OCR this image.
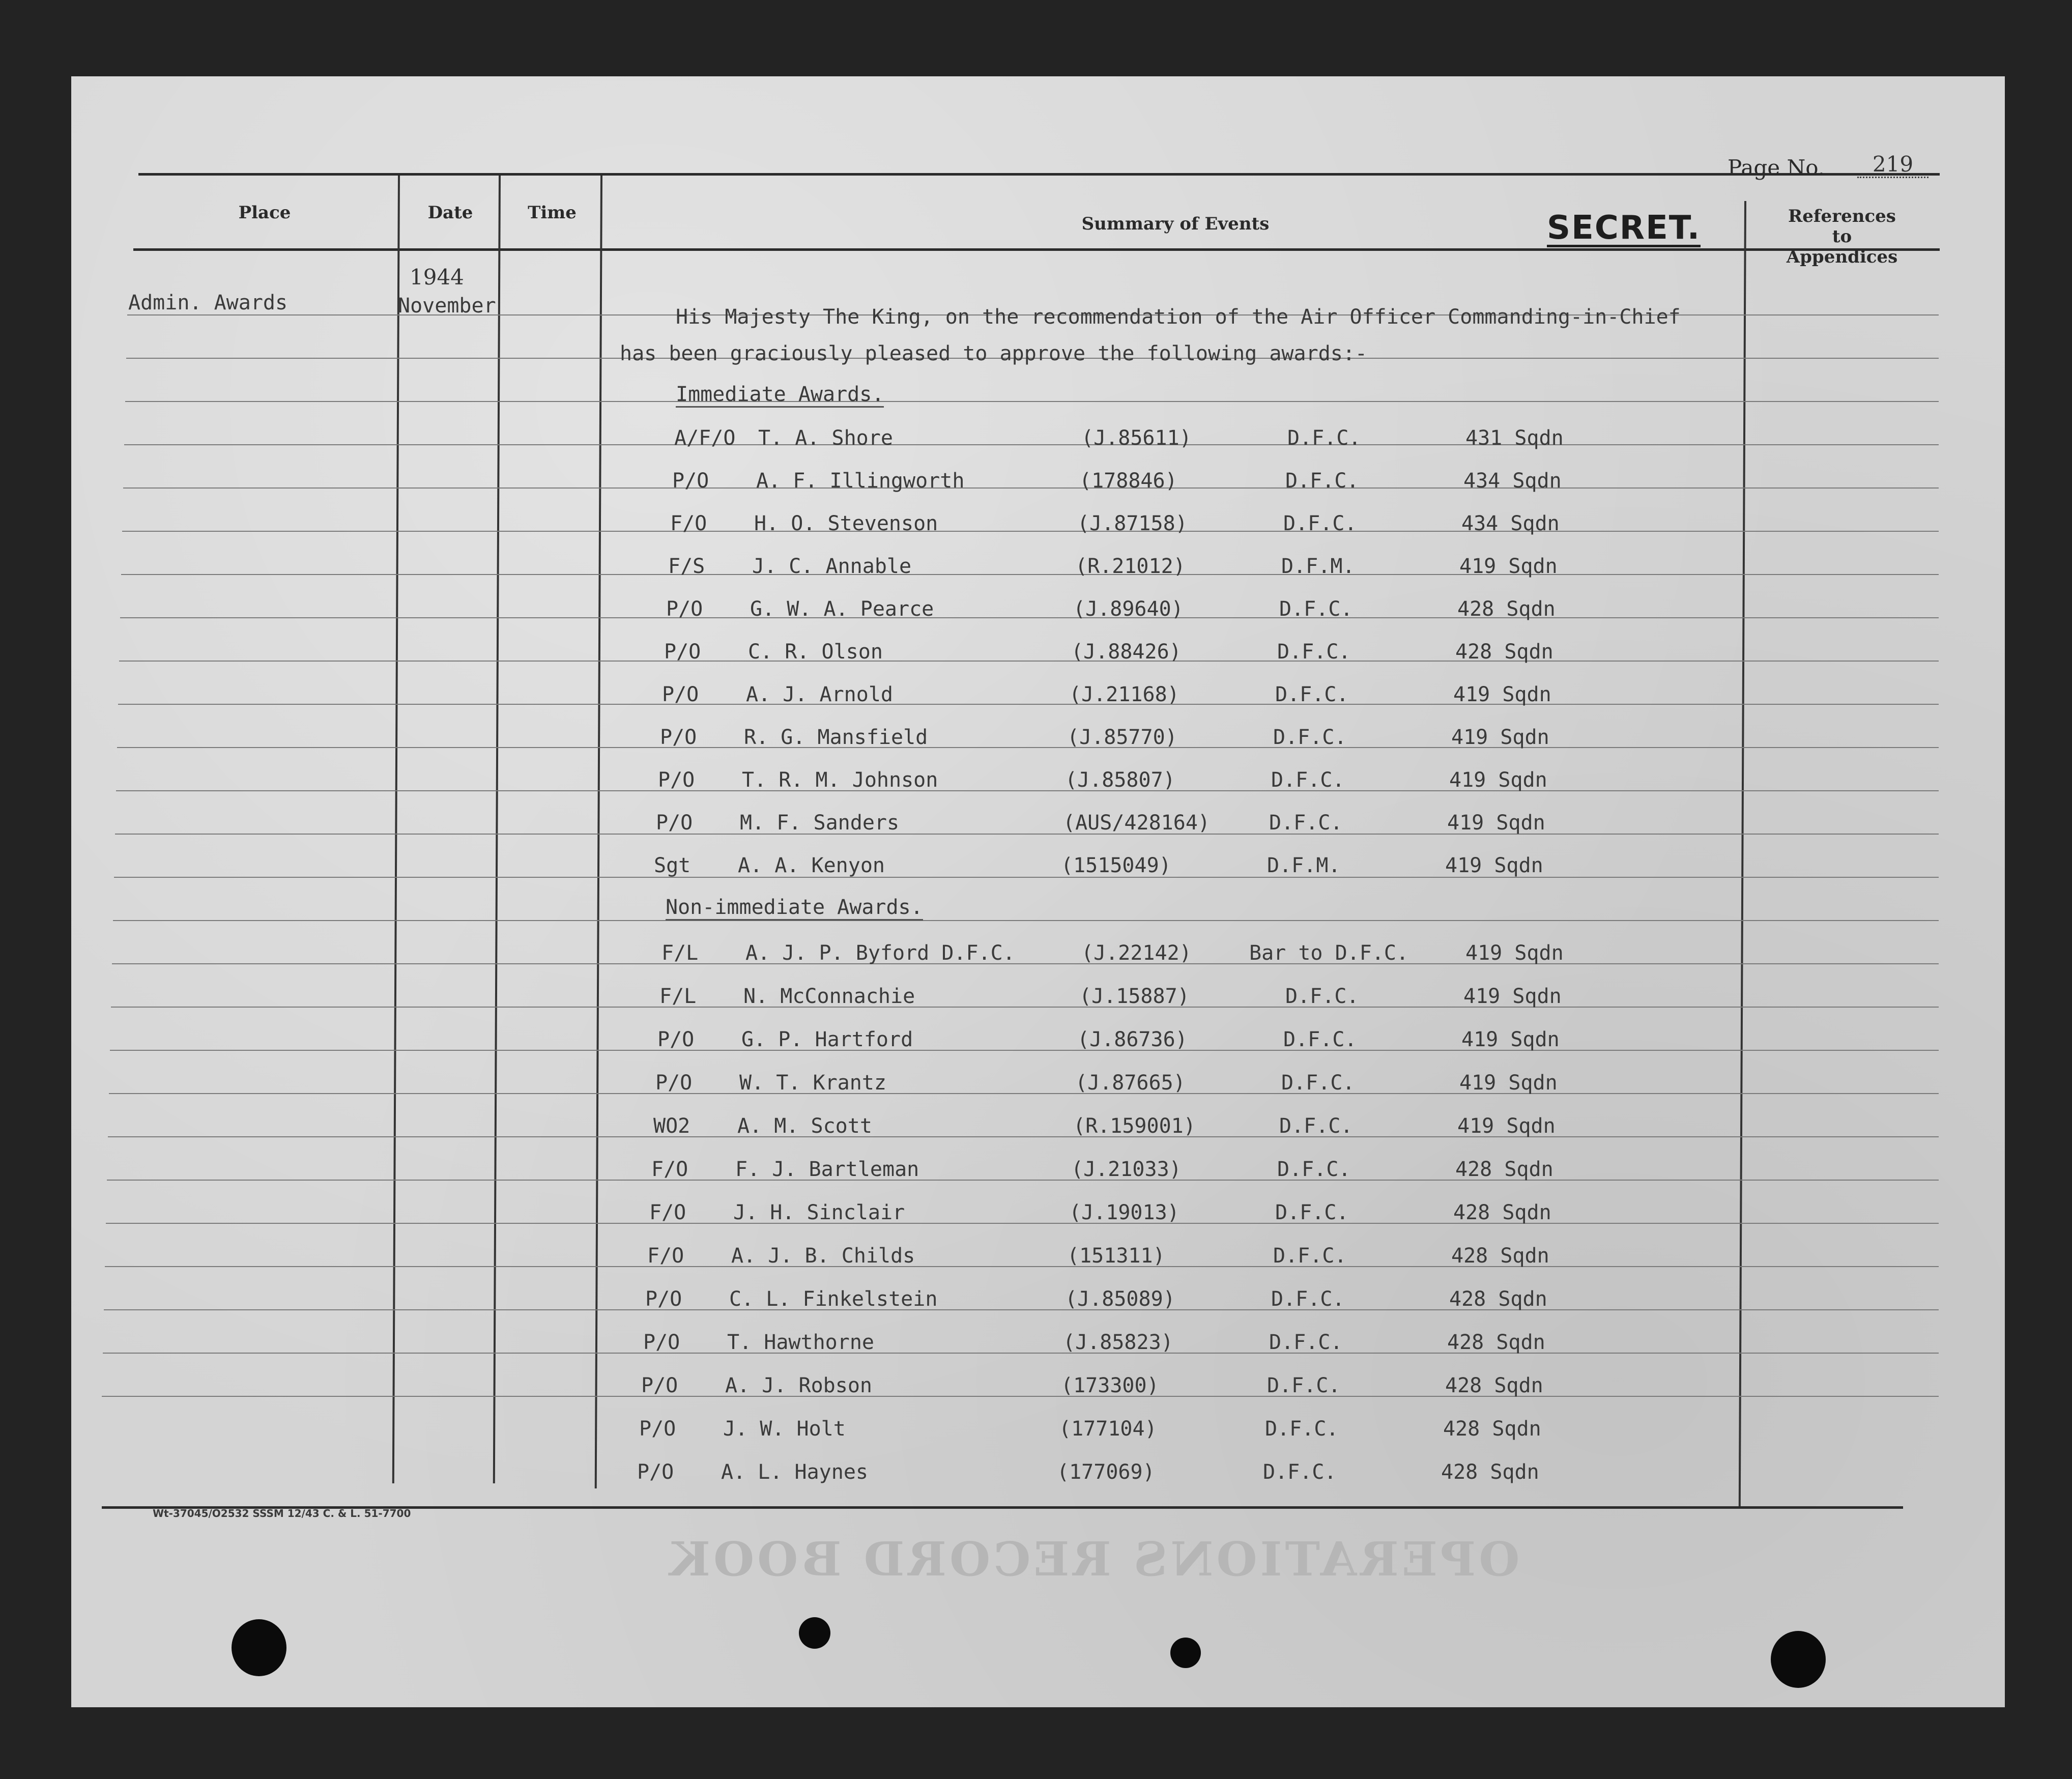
Place	Date	Time
Summary of Events	References
to
Appendices
Page No.	219
SECRET.
Admin. Awards
1944
November	His Majesty The King, on the recommendation of the Air Officer Commanding-in-Chief
has been graciously pleased to approve the following awards:-
Immediate Awards.
Non-immediate Awards.
A/F/O T. A. Shore	(J.85611)	D.F.C.	431 Sqdn
P/O A. F. Illingworth	(178846)	D.F.C.	434 Sqdn
F/O H. O. Stevenson	(J.87158)	D.F.C.	434 Sqdn
F/S J. C. Annable	(R.21012)	D.F.M.	419 Sqdn
P/O G. W. A. Pearce	(J.89640)	D.F.C.	428 Sqdn
P/O C. R. Olson	(J.88426)	D.F.C.	428 Sqdn
P/O A. J. Arnold	(J.21168)	D.F.C.	419 Sqdn
P/O R. G. Mansfield	(J.85770)	D.F.C.	419 Sqdn
P/O T. R. M. Johnson	(J.85807)	D.F.C.	419 Sqdn
P/O M. F. Sanders	(AUS/428164)	D.F.C.	419 Sqdn
Sgt A. A. Kenyon	(1515049)	D.F.M.	419 Sqdn
F/L A. J. P. Byford D.F.C.	(J.22142)	Bar to D.F.C.	419 Sqdn
F/L N. McConnachie	(J.15887)	D.F.C.	419 Sqdn
P/O G. P. Hartford	(J.86736)	D.F.C.	419 Sqdn
P/O W. T. Krantz	(J.87665)	D.F.C.	419 Sqdn
WO2 A. M. Scott	(R.159001)	D.F.C.	419 Sqdn
F/O F. J. Bartleman	(J.21033)	D.F.C.	428 Sqdn
F/O J. H. Sinclair	(J.19013)	D.F.C.	428 Sqdn
F/O A. J. B. Childs	(151311)	D.F.C.	428 Sqdn
P/O C. L. Finkelstein	(J.85089)	D.F.C.	428 Sqdn
P/O T. Hawthorne	(J.85823)	D.F.C.	428 Sqdn
P/O A. J. Robson	(173300)	D.F.C.	428 Sqdn
P/O J. W. Holt	(177104)	D.F.C.	428 Sqdn
P/O A. L. Haynes	(177069)	D.F.C.	428 Sqdn
Wt-37045/O2532 SSSM 12/43 C. & L. 51-7700
OPERATIONS RECORD BOOK
